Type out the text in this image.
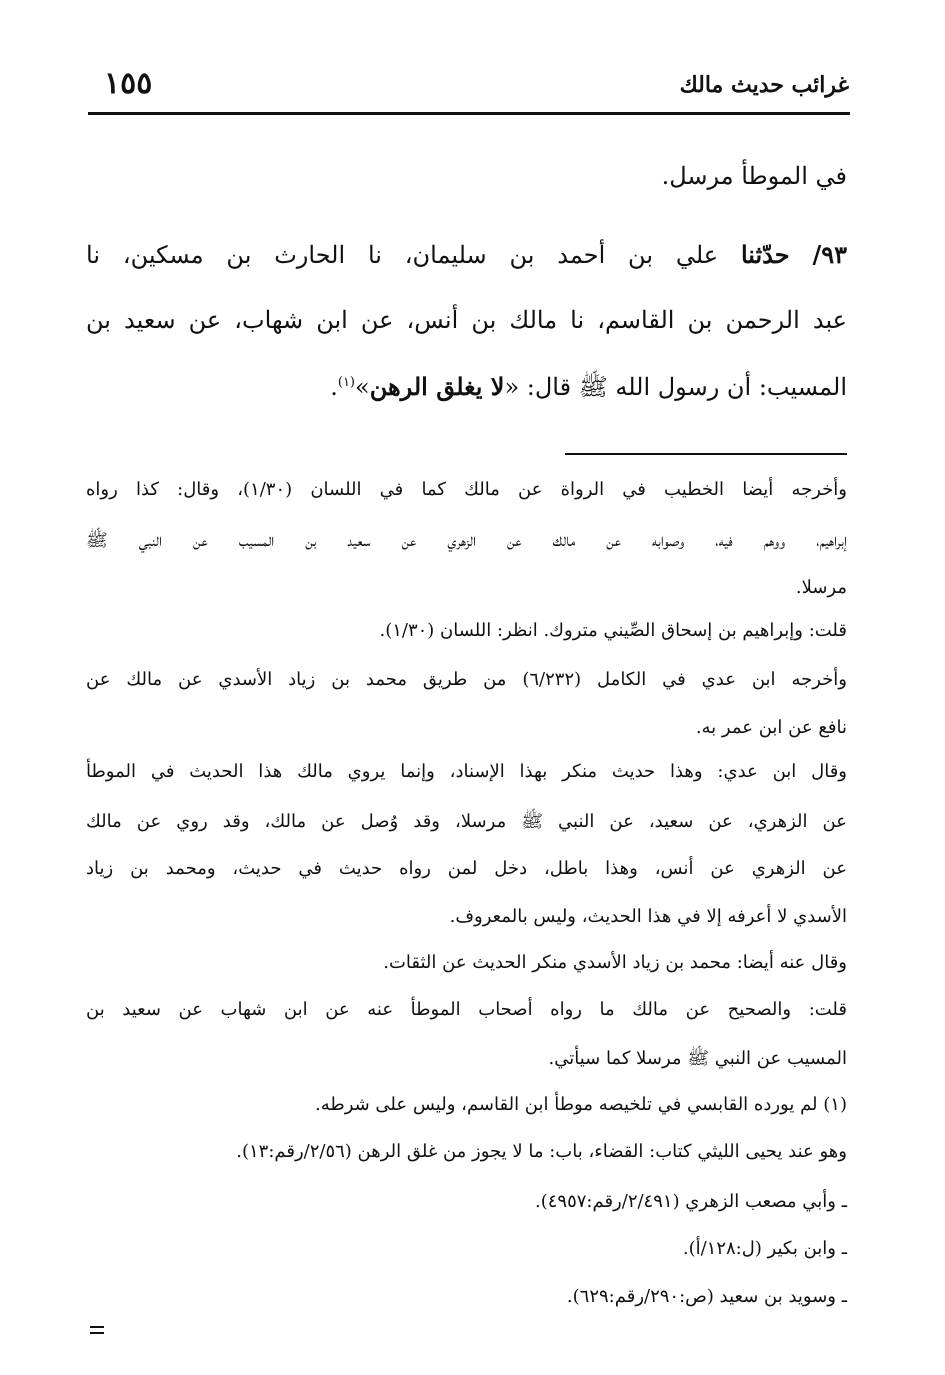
غرائب حديث مالك
١٥٥
في الموطأ مرسل.
٩٣/ حدّثنا علي بن أحمد بن سليمان، نا الحارث بن مسكين، نا
عبد الرحمن بن القاسم، نا مالك بن أنس، عن ابن شهاب، عن سعيد بن
المسيب: أن رسول الله ﷺ قال: «لا يغلق الرهن»$^{(١)}$.
وأخرجه أيضا الخطيب في الرواة عن مالك كما في اللسان (١/٣٠)، وقال: كذا رواه
إبراهيم، ووهم فيه، وصوابه عن مالك عن الزهري عن سعيد بن المسيب عن النبي ﷺ
مرسلا.
قلت: وإبراهيم بن إسحاق الصِّيني متروك. انظر: اللسان (١/٣٠).
وأخرجه ابن عدي في الكامل (٦/٢٣٢) من طريق محمد بن زياد الأسدي عن مالك عن
نافع عن ابن عمر به.
وقال ابن عدي: وهذا حديث منكر بهذا الإسناد، وإنما يروي مالك هذا الحديث في الموطأ
عن الزهري، عن سعيد، عن النبي ﷺ مرسلا، وقد وُصل عن مالك، وقد روي عن مالك
عن الزهري عن أنس، وهذا باطل، دخل لمن رواه حديث في حديث، ومحمد بن زياد
الأسدي لا أعرفه إلا في هذا الحديث، وليس بالمعروف.
وقال عنه أيضا: محمد بن زياد الأسدي منكر الحديث عن الثقات.
قلت: والصحيح عن مالك ما رواه أصحاب الموطأ عنه عن ابن شهاب عن سعيد بن
المسيب عن النبي ﷺ مرسلا كما سيأتي.
(١) لم يورده القابسي في تلخيصه موطأ ابن القاسم، وليس على شرطه.
وهو عند يحيى الليثي كتاب: القضاء، باب: ما لا يجوز من غلق الرهن (٢/٥٦/رقم:١٣).
ـ وأبي مصعب الزهري (٢/٤٩١/رقم:٤٩٥٧).
ـ وابن بكير (ل:١٢٨/أ).
ـ وسويد بن سعيد (ص:٢٩٠/رقم:٦٢٩).
